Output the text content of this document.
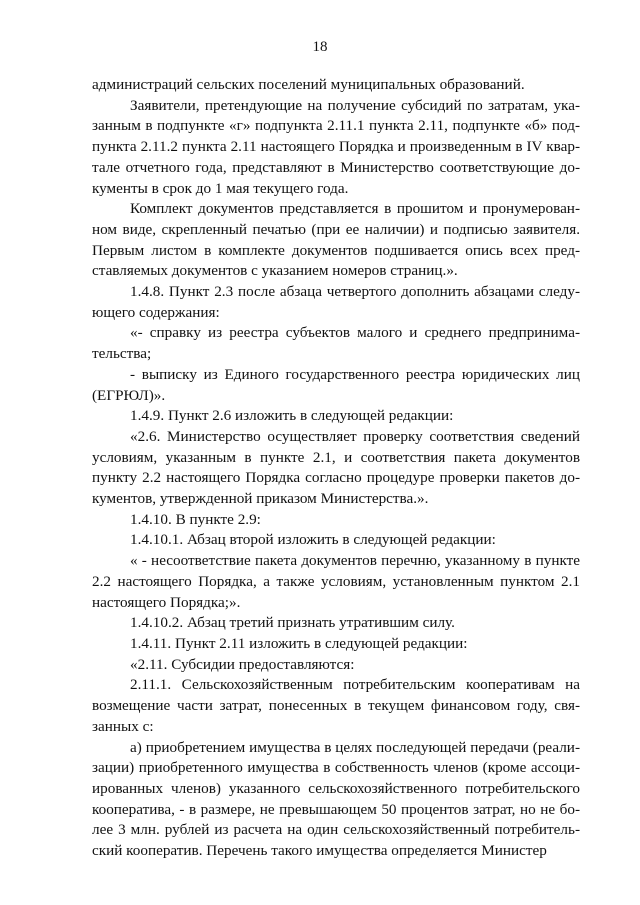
18

администраций сельских поселений муниципальных образований.

Заявители, претендующие на получение субсидий по затратам, указанным в подпункте «г» подпункта 2.11.1 пункта 2.11, подпункте «б» подпункта 2.11.2 пункта 2.11 настоящего Порядка и произведенным в IV квартале отчетного года, представляют в Министерство соответствующие документы в срок до 1 мая текущего года.

Комплект документов представляется в прошитом и пронумерованном виде, скрепленный печатью (при ее наличии) и подписью заявителя. Первым листом в комплекте документов подшивается опись всех представляемых документов с указанием номеров страниц.».

1.4.8. Пункт 2.3 после абзаца четвертого дополнить абзацами следующего содержания:

«- справку из реестра субъектов малого и среднего предпринимательства;

- выписку из Единого государственного реестра юридических лиц (ЕГРЮЛ)».

1.4.9. Пункт 2.6 изложить в следующей редакции:

«2.6. Министерство осуществляет проверку соответствия сведений условиям, указанным в пункте 2.1, и соответствия пакета документов пункту 2.2 настоящего Порядка согласно процедуре проверки пакетов документов, утвержденной приказом Министерства.».

1.4.10. В пункте 2.9:

1.4.10.1. Абзац второй изложить в следующей редакции:

« - несоответствие пакета документов перечню, указанному в пункте 2.2 настоящего Порядка, а также условиям, установленным пунктом 2.1 настоящего Порядка;».

1.4.10.2. Абзац третий признать утратившим силу.

1.4.11. Пункт 2.11 изложить в следующей редакции:

«2.11. Субсидии предоставляются:

2.11.1. Сельскохозяйственным потребительским кооперативам на возмещение части затрат, понесенных в текущем финансовом году, связанных с:

а) приобретением имущества в целях последующей передачи (реализации) приобретенного имущества в собственность членов (кроме ассоциированных членов) указанного сельскохозяйственного потребительского кооператива, - в размере, не превышающем 50 процентов затрат, но не более 3 млн. рублей из расчета на один сельскохозяйственный потребительский кооператив. Перечень такого имущества определяется Министер
